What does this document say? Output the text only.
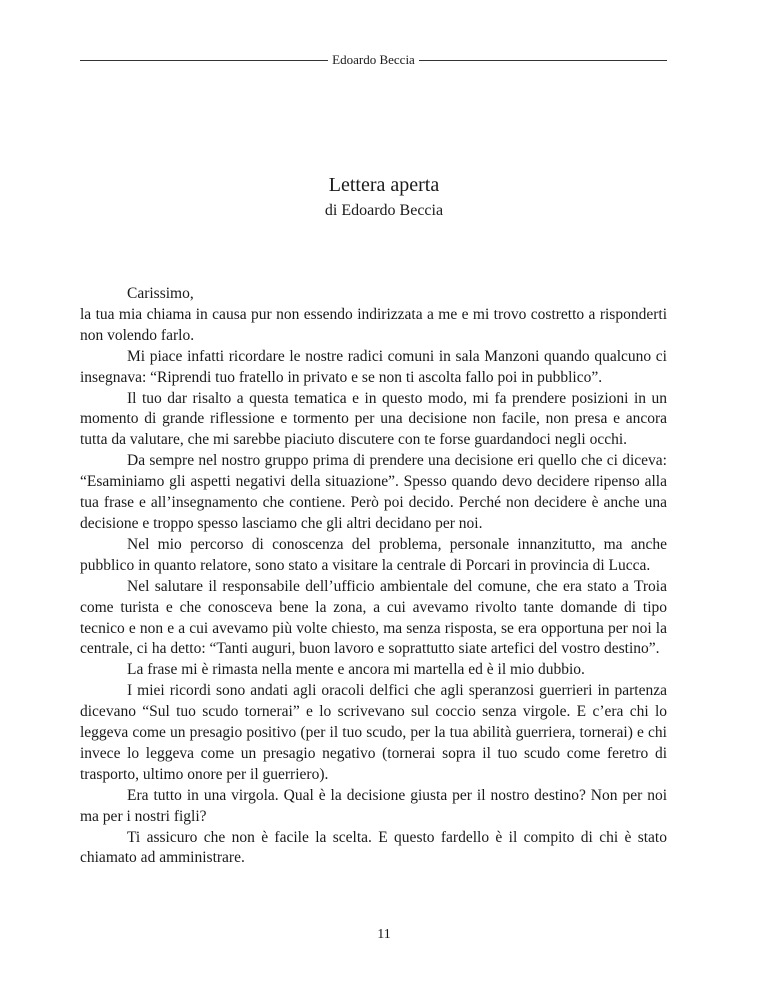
Edoardo Beccia
Lettera aperta
di Edoardo Beccia

Carissimo,

la tua mia chiama in causa pur non essendo indirizzata a me e mi trovo costretto a risponderti non volendo farlo.

Mi piace infatti ricordare le nostre radici comuni in sala Manzoni quando qualcuno ci insegnava: “Riprendi tuo fratello in privato e se non ti ascolta fallo poi in pubblico”.

Il tuo dar risalto a questa tematica e in questo modo, mi fa prendere posizioni in un momento di grande riflessione e tormento per una decisione non facile, non presa e ancora tutta da valutare, che mi sarebbe piaciuto discutere con te forse guardandoci negli occhi.

Da sempre nel nostro gruppo prima di prendere una decisione eri quello che ci diceva: “Esaminiamo gli aspetti negativi della situazione”. Spesso quando devo decidere ripenso alla tua frase e all’insegnamento che contiene. Però poi decido. Perché non decidere è anche una decisione e troppo spesso lasciamo che gli altri decidano per noi.

Nel mio percorso di conoscenza del problema, personale innanzitutto, ma anche pubblico in quanto relatore, sono stato a visitare la centrale di Porcari in provincia di Lucca.

Nel salutare il responsabile dell’ufficio ambientale del comune, che era stato a Troia come turista e che conosceva bene la zona, a cui avevamo rivolto tante domande di tipo tecnico e non e a cui avevamo più volte chiesto, ma senza risposta, se era opportuna per noi la centrale, ci ha detto: “Tanti auguri, buon lavoro e soprattutto siate artefici del vostro destino”.

La frase mi è rimasta nella mente e ancora mi martella ed è il mio dubbio.

I miei ricordi sono andati agli oracoli delfici che agli speranzosi guerrieri in partenza dicevano “Sul tuo scudo tornerai” e lo scrivevano sul coccio senza virgole. E c’era chi lo leggeva come un presagio positivo (per il tuo scudo, per la tua abilità guerriera, tornerai) e chi invece lo leggeva come un presagio negativo (tornerai sopra il tuo scudo come feretro di trasporto, ultimo onore per il guerriero).

Era tutto in una virgola. Qual è la decisione giusta per il nostro destino? Non per noi ma per i nostri figli?

Ti assicuro che non è facile la scelta. E questo fardello è il compito di chi è stato chiamato ad amministrare.

11
